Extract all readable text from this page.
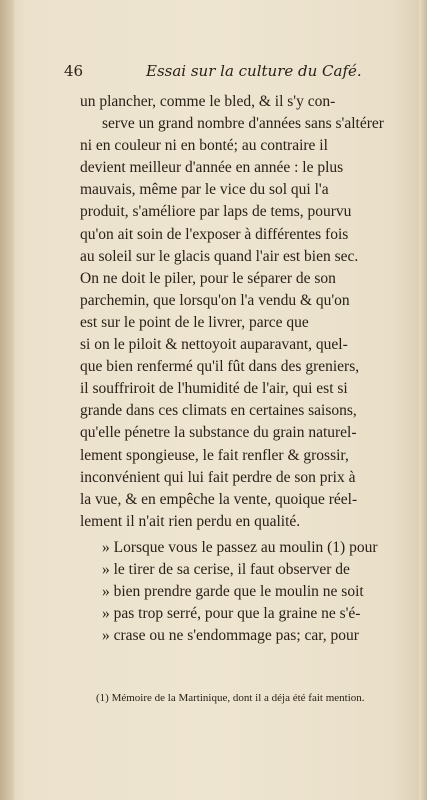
46	Essai sur la culture du Café.
un plancher, comme le bled, & il s'y con-
serve un grand nombre d'années sans s'altérer
ni en couleur ni en bonté; au contraire il
devient meilleur d'année en année : le plus
mauvais, même par le vice du sol qui l'a
produit, s'améliore par laps de tems, pourvu
qu'on ait soin de l'exposer à différentes fois
au soleil sur le glacis quand l'air est bien sec.
On ne doit le piler, pour le séparer de son
parchemin, que lorsqu'on l'a vendu & qu'on
est sur le point de le livrer, parce que
si on le piloit & nettoyoit auparavant, quel-
que bien renfermé qu'il fût dans des greniers,
il souffriroit de l'humidité de l'air, qui est si
grande dans ces climats en certaines saisons,
qu'elle pénetre la substance du grain naturel-
lement spongieuse, le fait renfler & grossir,
inconvénient qui lui fait perdre de son prix à
la vue, & en empêche la vente, quoique réel-
lement il n'ait rien perdu en qualité.
» Lorsque vous le passez au moulin (1) pour
» le tirer de sa cerise, il faut observer de
» bien prendre garde que le moulin ne soit
» pas trop serré, pour que la graine ne s'é-
» crase ou ne s'endommage pas; car, pour
(1) Mémoire de la Martinique, dont il a déja été fait mention.
